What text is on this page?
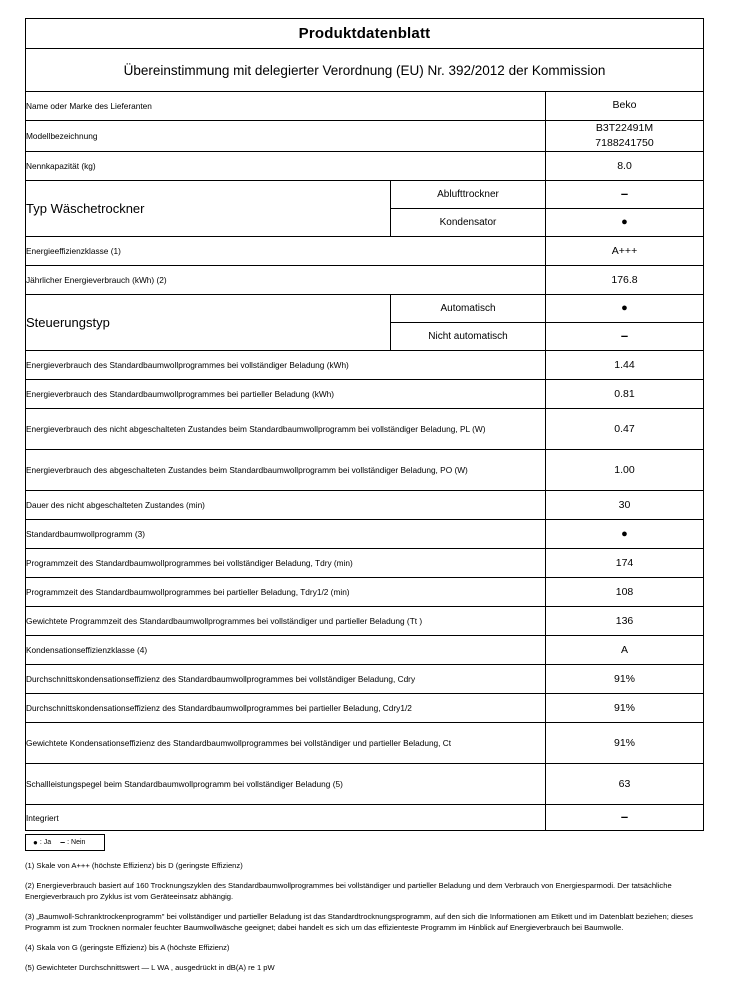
Produktdatenblatt		
Übereinstimmung mit delegierter Verordnung (EU) Nr. 392/2012 der Kommission		
Name oder Marke des Lieferanten		Beko
Modellbezeichnung		B3T22491M
7188241750

Nennkapazität (kg)		8.0
Typ Wäschetrockner	Ablufttrockner	–
	Kondensator	●
Energieeffizienzklasse (1)		A+++
Jährlicher Energieverbrauch (kWh) (2)		176.8
Steuerungstyp	Automatisch	●
	Nicht automatisch	–
Energieverbrauch des Standardbaumwollprogrammes bei vollständiger Beladung (kWh)		1.44
Energieverbrauch des Standardbaumwollprogrammes bei partieller Beladung (kWh)		0.81
Energieverbrauch des nicht abgeschalteten Zustandes beim Standardbaumwollprogramm bei vollständiger Beladung, PL (W)		0.47
Energieverbrauch des abgeschalteten Zustandes beim Standardbaumwollprogramm bei vollständiger Beladung, PO (W)		1.00
Dauer des nicht abgeschalteten Zustandes (min)		30
Standardbaumwollprogramm (3)		●
Programmzeit des Standardbaumwollprogrammes bei vollständiger Beladung, Tdry (min)		174
Programmzeit des Standardbaumwollprogrammes bei partieller Beladung, Tdry1/2 (min)		108
Gewichtete Programmzeit des Standardbaumwollprogrammes bei vollständiger und partieller Beladung (Tt )		136
Kondensationseffizienzklasse (4)		A
Durchschnittskondensationseffizienz des Standardbaumwollprogrammes bei vollständiger Beladung, Cdry		91%
Durchschnittskondensationseffizienz des Standardbaumwollprogrammes bei partieller Beladung, Cdry1/2		91%
Gewichtete Kondensationseffizienz des Standardbaumwollprogrammes bei vollständiger und partieller Beladung, Ct		91%
Schallleistungspegel beim Standardbaumwollprogramm bei vollständiger Beladung (5)		63
Integriert		–
● : Ja – : Nein
(1) Skale von A+++ (höchste Effizienz) bis D (geringste Effizienz)
(2) Energieverbrauch basiert auf 160 Trocknungszyklen des Standardbaumwollprogrammes bei vollständiger und partieller Beladung und dem Verbrauch von Energiesparmodi. Der tatsächliche Energieverbrauch pro Zyklus ist vom Geräteeinsatz abhängig.
(3) „Baumwoll-Schranktrockenprogramm" bei vollständiger und partieller Beladung ist das Standardtrocknungsprogramm, auf den sich die Informationen am Etikett und im Datenblatt beziehen; dieses Programm ist zum Trocknen normaler feuchter Baumwollwäsche geeignet; dabei handelt es sich um das effizienteste Programm im Hinblick auf Energieverbrauch bei Baumwolle.
(4) Skala von G (geringste Effizienz) bis A (höchste Effizienz)
(5) Gewichteter Durchschnittswert — L WA , ausgedrückt in dB(A) re 1 pW
